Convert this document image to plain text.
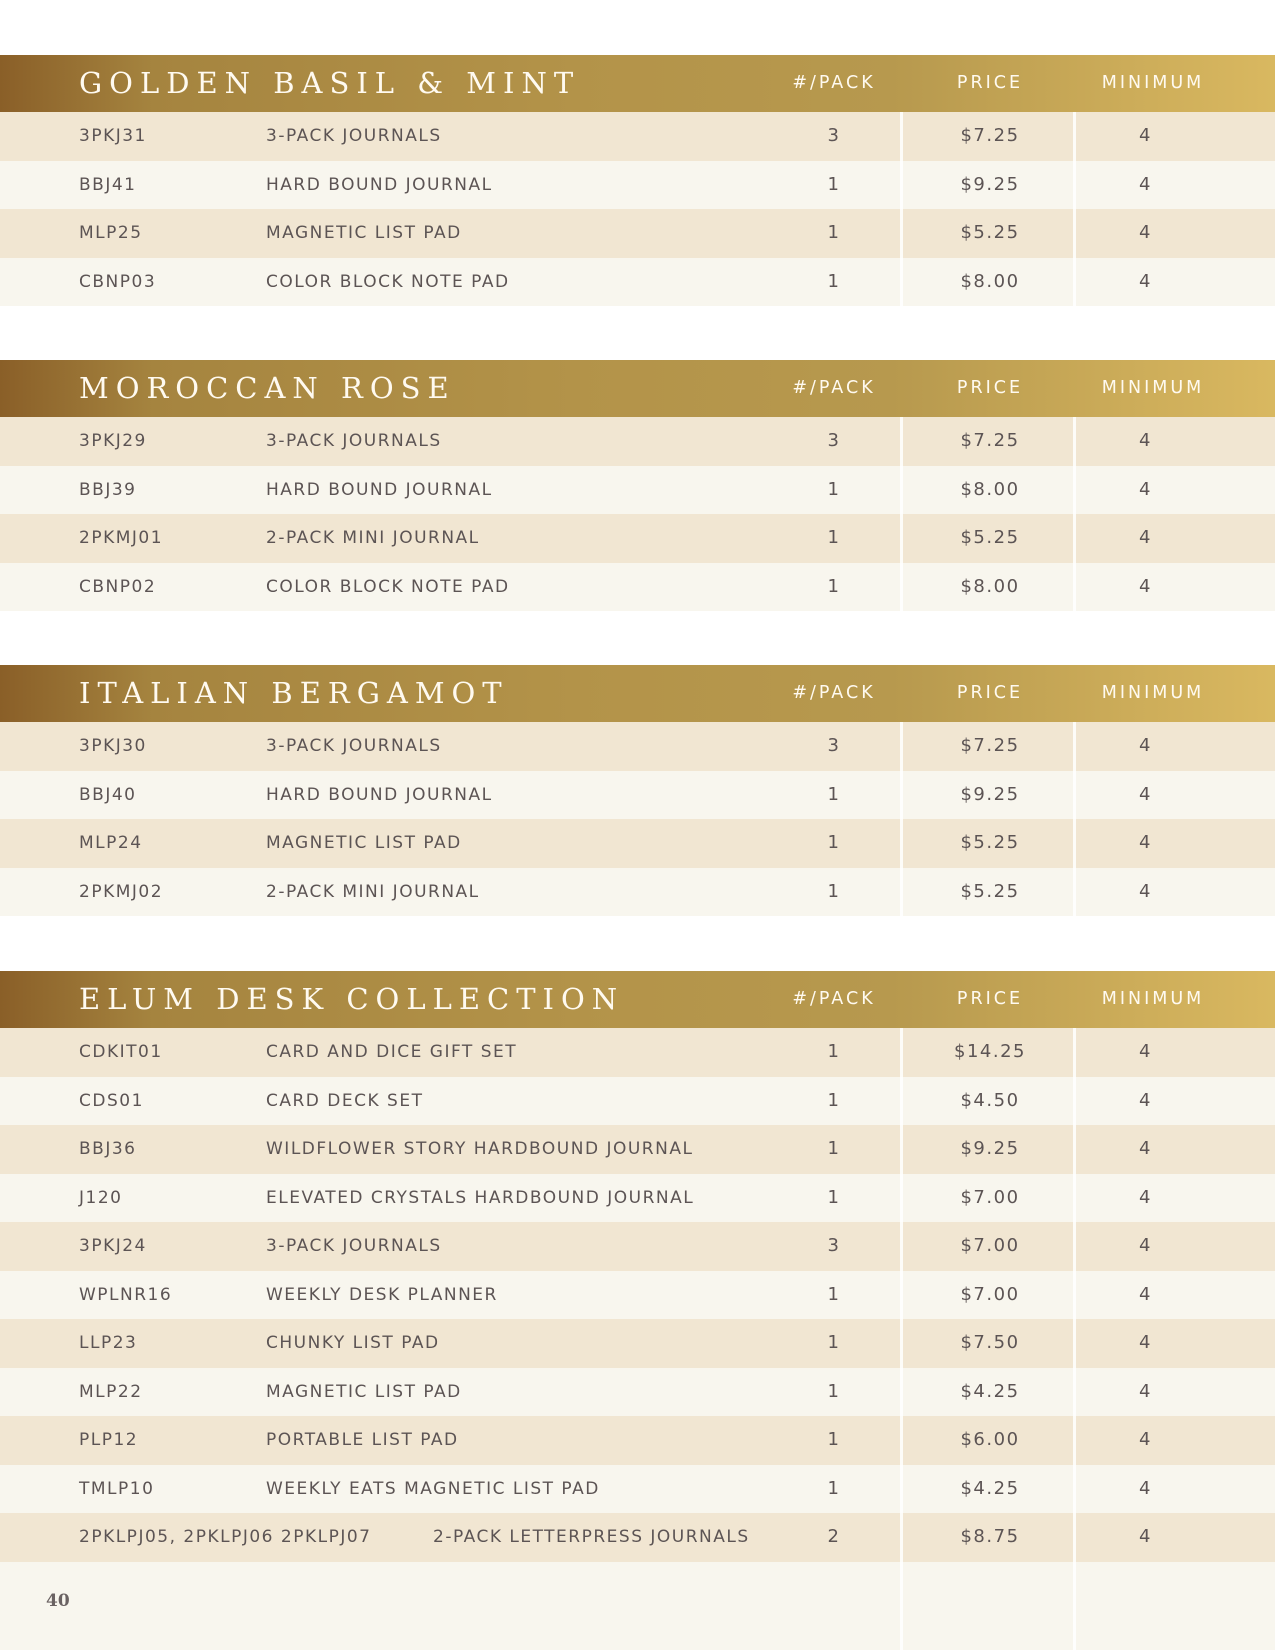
GOLDEN BASIL & MINT	#/PACK	PRICE	MINIMUM
3PKJ31	3-PACK JOURNALS	3	$7.25	4
BBJ41	HARD BOUND JOURNAL	1	$9.25	4
MLP25	MAGNETIC LIST PAD	1	$5.25	4
CBNP03	COLOR BLOCK NOTE PAD	1	$8.00	4
MOROCCAN ROSE	#/PACK	PRICE	MINIMUM
3PKJ29	3-PACK JOURNALS	3	$7.25	4
BBJ39	HARD BOUND JOURNAL	1	$8.00	4
2PKMJ01	2-PACK MINI JOURNAL	1	$5.25	4
CBNP02	COLOR BLOCK NOTE PAD	1	$8.00	4
ITALIAN BERGAMOT	#/PACK	PRICE	MINIMUM
3PKJ30	3-PACK JOURNALS	3	$7.25	4
BBJ40	HARD BOUND JOURNAL	1	$9.25	4
MLP24	MAGNETIC LIST PAD	1	$5.25	4
2PKMJ02	2-PACK MINI JOURNAL	1	$5.25	4
ELUM DESK COLLECTION	#/PACK	PRICE	MINIMUM
CDKIT01	CARD AND DICE GIFT SET	1	$14.25	4
CDS01	CARD DECK SET	1	$4.50	4
BBJ36	WILDFLOWER STORY HARDBOUND JOURNAL	1	$9.25	4
J120	ELEVATED CRYSTALS HARDBOUND JOURNAL	1	$7.00	4
3PKJ24	3-PACK JOURNALS	3	$7.00	4
WPLNR16	WEEKLY DESK PLANNER	1	$7.00	4
LLP23	CHUNKY LIST PAD	1	$7.50	4
MLP22	MAGNETIC LIST PAD	1	$4.25	4
PLP12	PORTABLE LIST PAD	1	$6.00	4
TMLP10	WEEKLY EATS MAGNETIC LIST PAD	1	$4.25	4
2PKLPJ05, 2PKLPJ06 2PKLPJ07	2-PACK LETTERPRESS JOURNALS	2	$8.75	4
40
